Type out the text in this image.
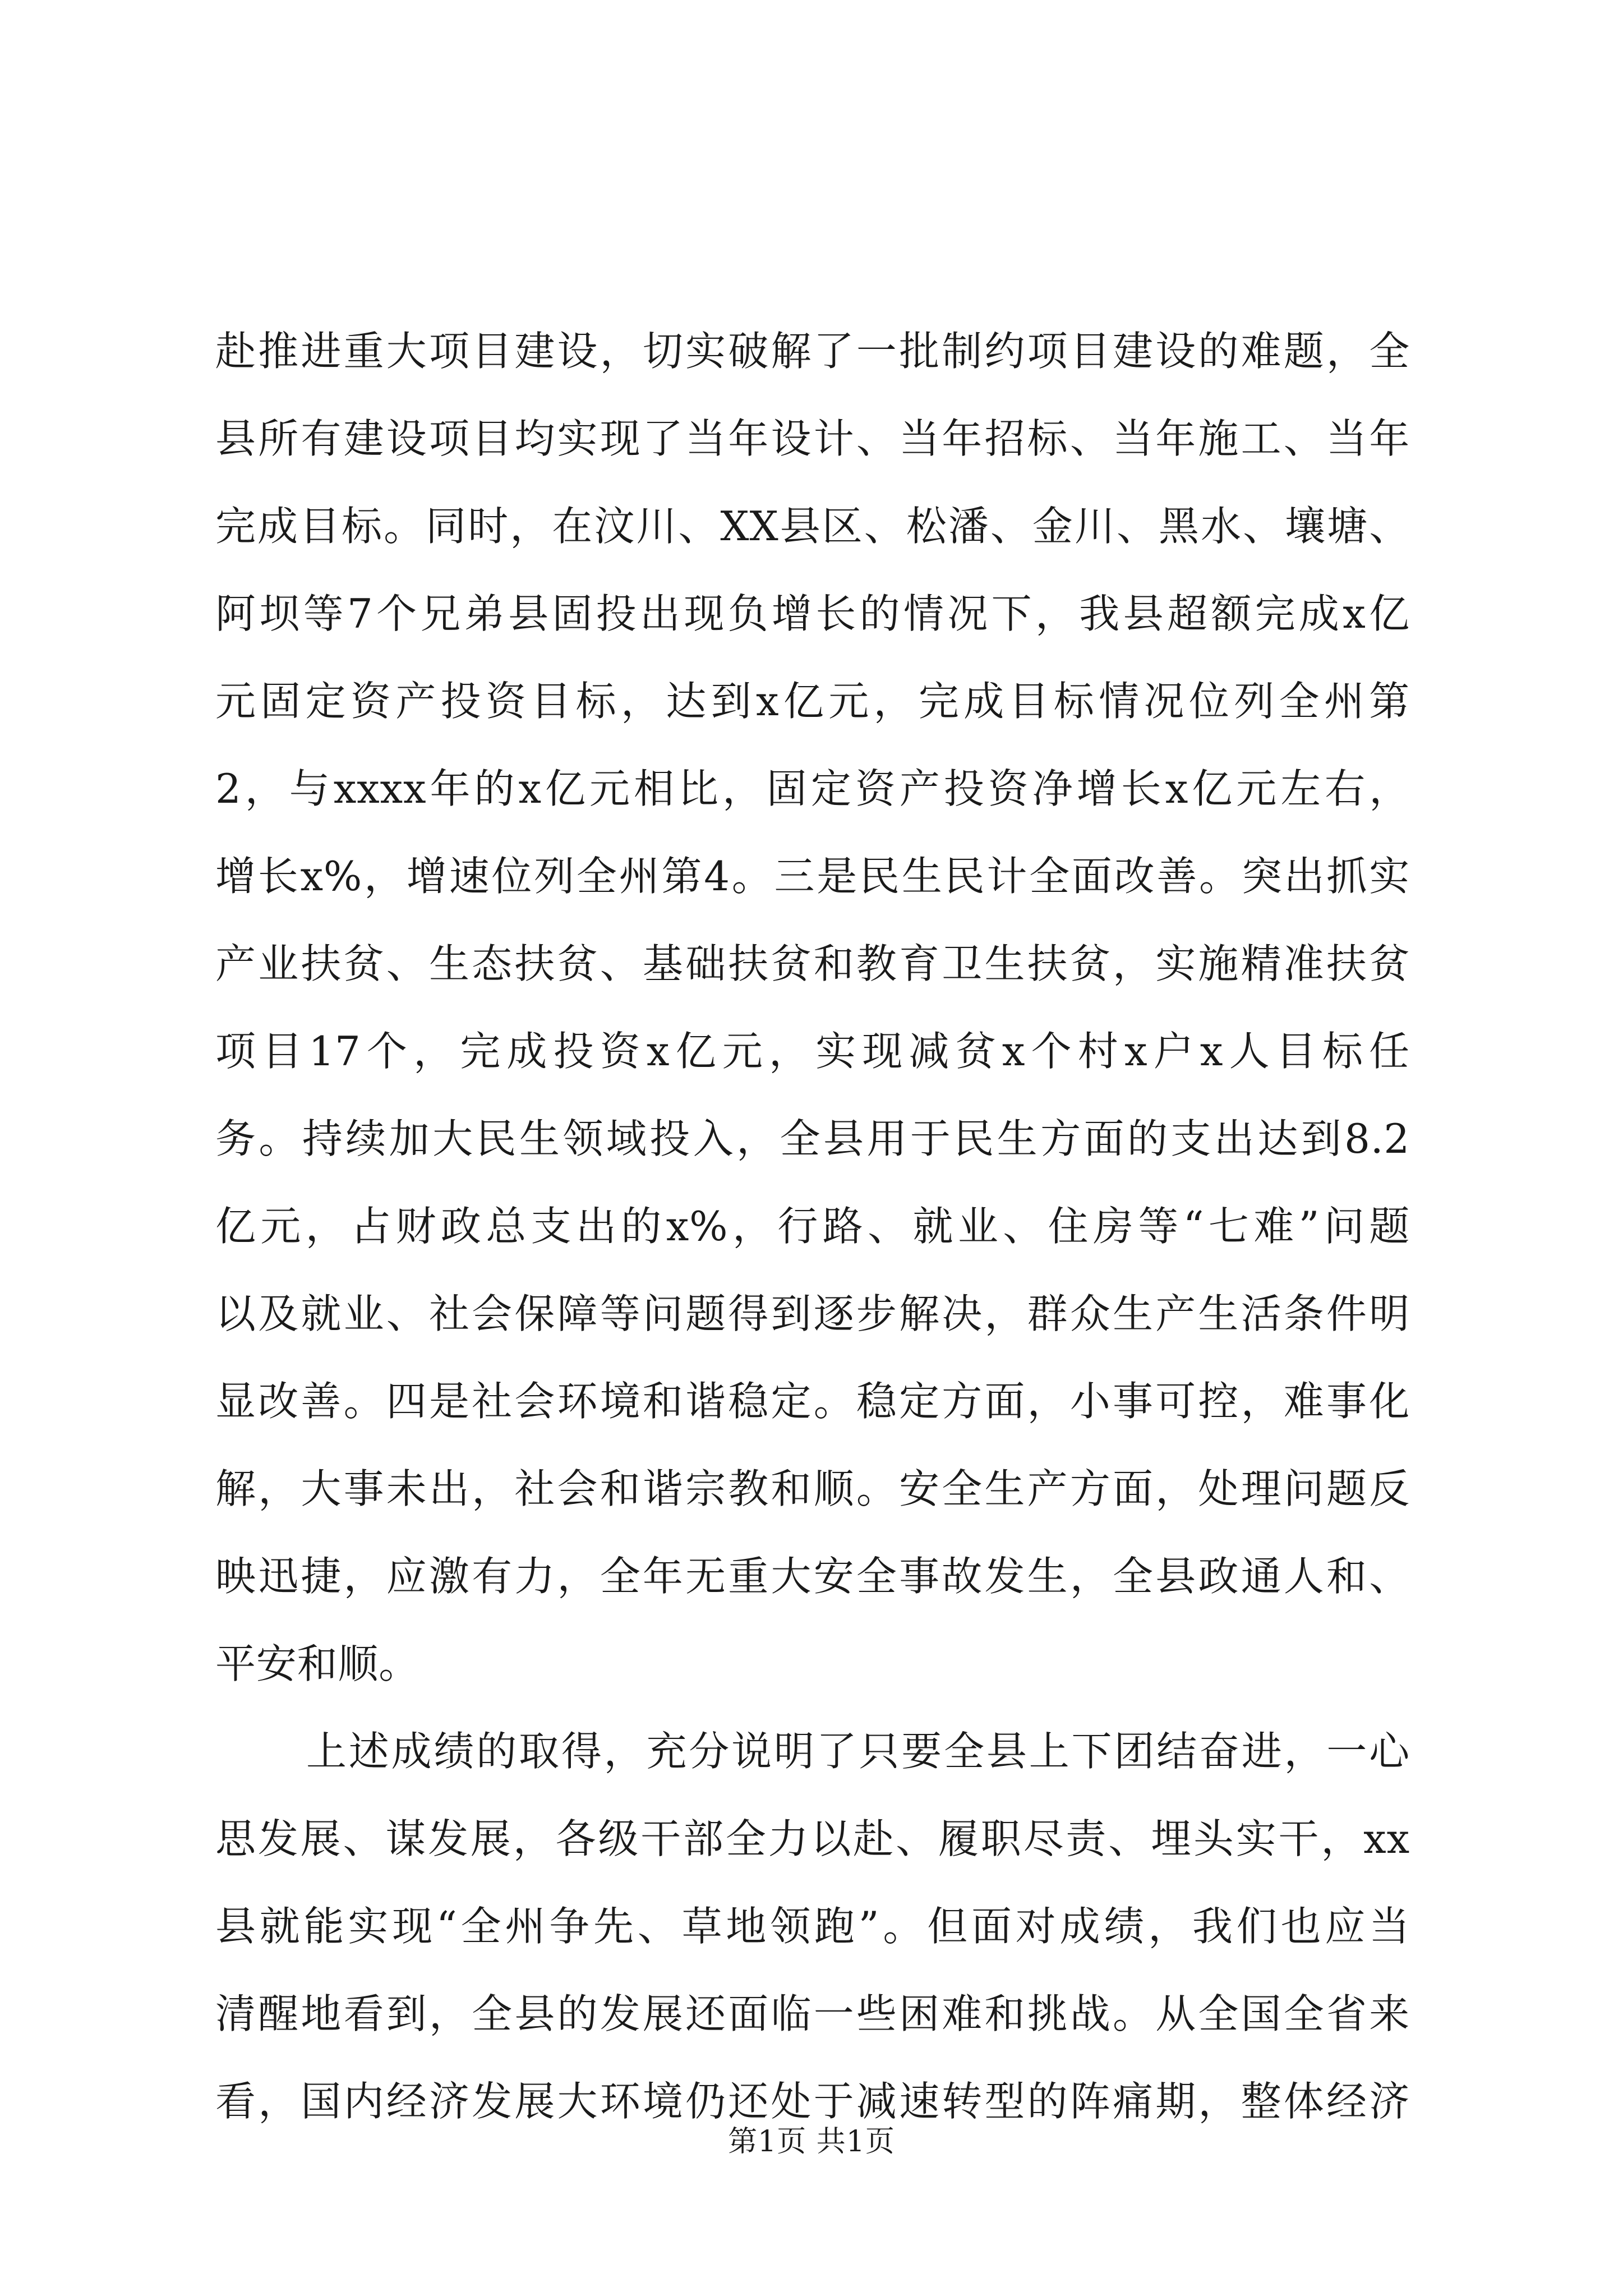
赴推进重大项目建设，切实破解了一批制约项目建设的难题，全
县所有建设项目均实现了当年设计、当年招标、当年施工、当年
完成目标。同时，在汶川、XX县区、松潘、金川、黑水、壤塘、
阿坝等7个兄弟县固投出现负增长的情况下，我县超额完成x亿
元固定资产投资目标，达到x亿元，完成目标情况位列全州第
2，与xxxx年的x亿元相比，固定资产投资净增长x亿元左右，
增长x%，增速位列全州第4。三是民生民计全面改善。突出抓实
产业扶贫、生态扶贫、基础扶贫和教育卫生扶贫，实施精准扶贫
项目17个，完成投资x亿元，实现减贫x个村x户x人目标任
务。持续加大民生领域投入，全县用于民生方面的支出达到8.2
亿元，占财政总支出的x%，行路、就业、住房等“七难”问题
以及就业、社会保障等问题得到逐步解决，群众生产生活条件明
显改善。四是社会环境和谐稳定。稳定方面，小事可控，难事化
解，大事未出，社会和谐宗教和顺。安全生产方面，处理问题反
映迅捷，应激有力，全年无重大安全事故发生，全县政通人和、
平安和顺。
上述成绩的取得，充分说明了只要全县上下团结奋进，一心
思发展、谋发展，各级干部全力以赴、履职尽责、埋头实干，xx
县就能实现“全州争先、草地领跑”。但面对成绩，我们也应当
清醒地看到，全县的发展还面临一些困难和挑战。从全国全省来
看，国内经济发展大环境仍还处于减速转型的阵痛期，整体经济
第1页 共1页
